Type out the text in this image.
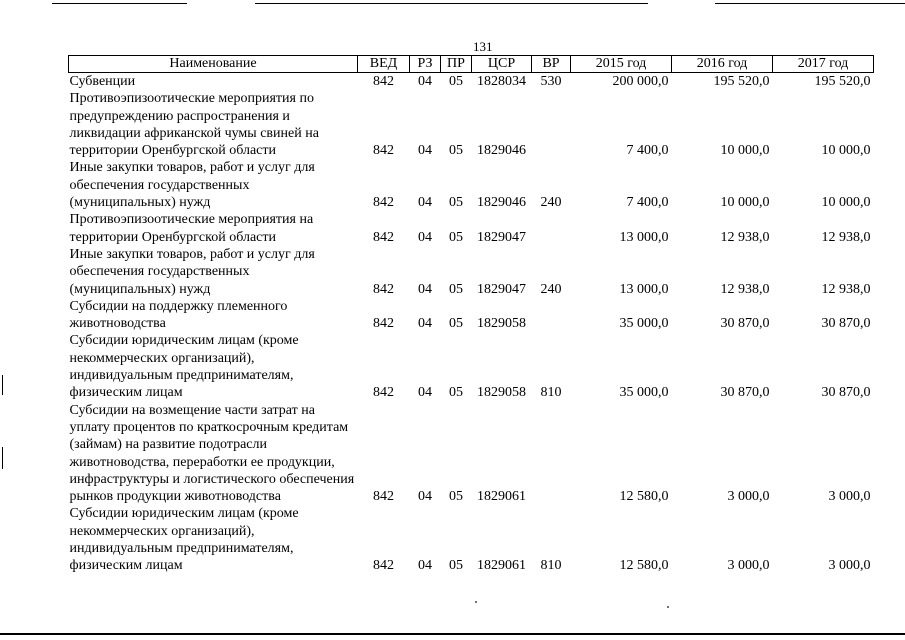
131
Наименование	ВЕД	РЗ	ПР	ЦСР	ВР	2015 год	2016 год	2017 год
Субвенции	842	04	05	1828034	530	200 000,0	195 520,0	195 520,0
Противоэпизоотические мероприятия по предупреждению распространения и ликвидации африканской чумы свиней на территории Оренбургской области	842	04	05	1829046		7 400,0	10 000,0	10 000,0
Иные закупки товаров, работ и услуг для обеспечения государственных (муниципальных) нужд	842	04	05	1829046	240	7 400,0	10 000,0	10 000,0
Противоэпизоотические мероприятия на территории Оренбургской области	842	04	05	1829047		13 000,0	12 938,0	12 938,0
Иные закупки товаров, работ и услуг для обеспечения государственных (муниципальных) нужд	842	04	05	1829047	240	13 000,0	12 938,0	12 938,0
Субсидии на поддержку племенного животноводства	842	04	05	1829058		35 000,0	30 870,0	30 870,0
Субсидии юридическим лицам (кроме некоммерческих организаций), индивидуальным предпринимателям, физическим лицам	842	04	05	1829058	810	35 000,0	30 870,0	30 870,0
Субсидии на возмещение части затрат на уплату процентов по краткосрочным кредитам (займам) на развитие подотрасли животноводства, переработки ее продукции, инфраструктуры и логистического обеспечения рынков продукции животноводства	842	04	05	1829061		12 580,0	3 000,0	3 000,0
Субсидии юридическим лицам (кроме некоммерческих организаций), индивидуальным предпринимателям, физическим лицам	842	04	05	1829061	810	12 580,0	3 000,0	3 000,0
